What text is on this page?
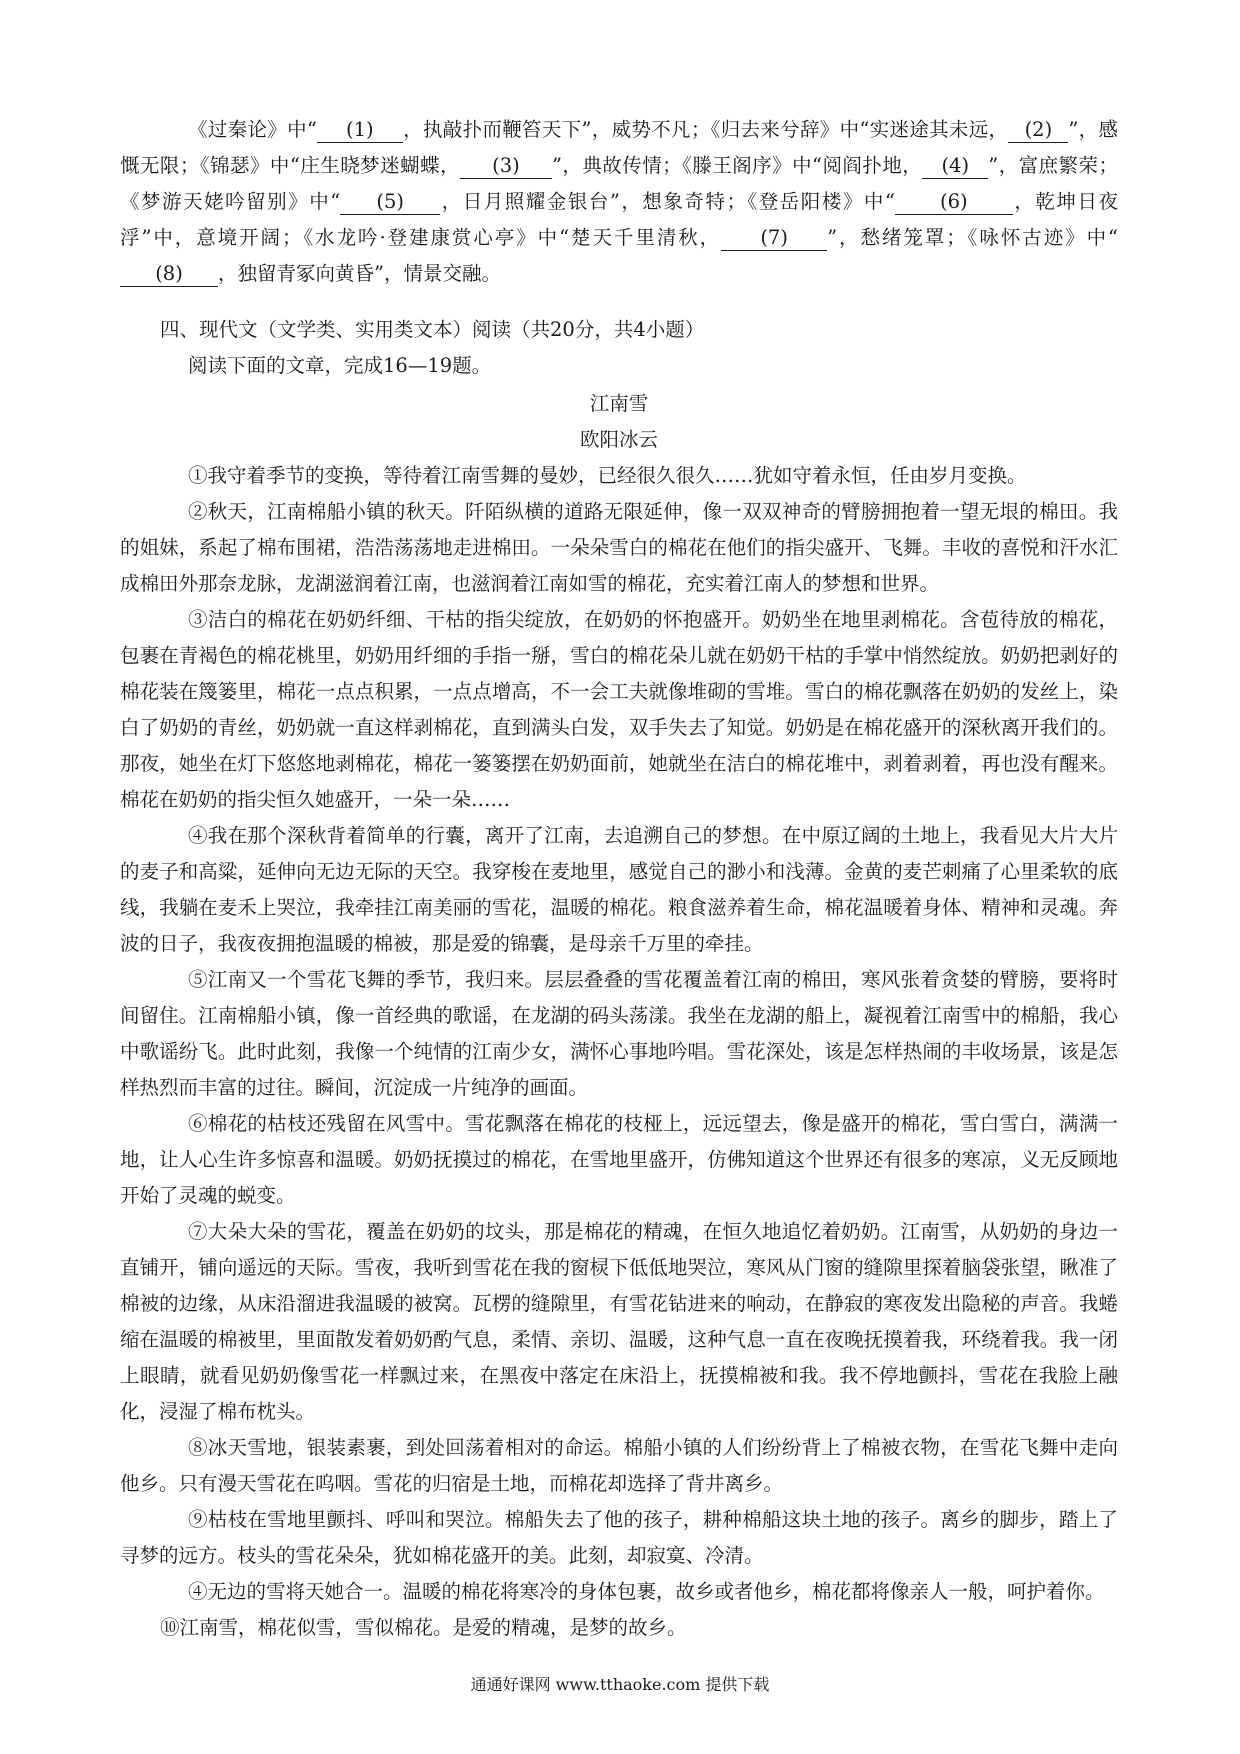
《过秦论》中“ (1) ，执敲扑而鞭笞天下”，威势不凡；《归去来兮辞》中“实迷途其未远， (2) ”，感慨无限；《锦瑟》中“庄生晓梦迷蝴蝶， (3) ”，典故传情；《滕王阁序》中“阅阎扑地， (4) ”，富庶繁荣；《梦游天姥吟留别》中“ (5) ，日月照耀金银台”，想象奇特；《登岳阳楼》中“ (6) ，乾坤日夜浮”中，意境开阔；《水龙吟·登建康赏心亭》中“楚天千里清秋， (7) ”，愁绪笼罩；《咏怀古迹》中“(8) ，独留青冢向黄昏”，情景交融。

四、现代文（文学类、实用类文本）阅读（共20分，共4小题）

阅读下面的文章，完成16—19题。

江南雪

欧阳冰云

①我守着季节的变换，等待着江南雪舞的曼妙，已经很久很久……犹如守着永恒，任由岁月变换。

②秋天，江南棉船小镇的秋天。阡陌纵横的道路无限延伸，像一双双神奇的臂膀拥抱着一望无垠的棉田。我的姐妹，系起了棉布围裙，浩浩荡荡地走进棉田。一朵朵雪白的棉花在他们的指尖盛开、飞舞。丰收的喜悦和汗水汇成棉田外那奈龙脉，龙湖滋润着江南，也滋润着江南如雪的棉花，充实着江南人的梦想和世界。

③洁白的棉花在奶奶纤细、干枯的指尖绽放，在奶奶的怀抱盛开。奶奶坐在地里剥棉花。含苞待放的棉花，包裹在青褐色的棉花桃里，奶奶用纤细的手指一掰，雪白的棉花朵儿就在奶奶干枯的手掌中悄然绽放。奶奶把剥好的棉花装在篾篓里，棉花一点点积累，一点点增高，不一会工夫就像堆砌的雪堆。雪白的棉花飘落在奶奶的发丝上，染白了奶奶的青丝，奶奶就一直这样剥棉花，直到满头白发，双手失去了知觉。奶奶是在棉花盛开的深秋离开我们的。那夜，她坐在灯下悠悠地剥棉花，棉花一篓篓摆在奶奶面前，她就坐在洁白的棉花堆中，剥着剥着，再也没有醒来。棉花在奶奶的指尖恒久她盛开，一朵一朵……

④我在那个深秋背着简单的行囊，离开了江南，去追溯自己的梦想。在中原辽阔的土地上，我看见大片大片的麦子和高粱，延伸向无边无际的天空。我穿梭在麦地里，感觉自己的渺小和浅薄。金黄的麦芒刺痛了心里柔软的底线，我躺在麦禾上哭泣，我牵挂江南美丽的雪花，温暖的棉花。粮食滋养着生命，棉花温暖着身体、精神和灵魂。奔波的日子，我夜夜拥抱温暖的棉被，那是爱的锦囊，是母亲千万里的牵挂。

⑤江南又一个雪花飞舞的季节，我归来。层层叠叠的雪花覆盖着江南的棉田，寒风张着贪婪的臂膀，要将时间留住。江南棉船小镇，像一首经典的歌谣，在龙湖的码头荡漾。我坐在龙湖的船上，凝视着江南雪中的棉船，我心中歌谣纷飞。此时此刻，我像一个纯情的江南少女，满怀心事地吟唱。雪花深处，该是怎样热闹的丰收场景，该是怎样热烈而丰富的过往。瞬间，沉淀成一片纯净的画面。

⑥棉花的枯枝还残留在风雪中。雪花飘落在棉花的枝桠上，远远望去，像是盛开的棉花，雪白雪白，满满一地，让人心生许多惊喜和温暖。奶奶抚摸过的棉花，在雪地里盛开，仿佛知道这个世界还有很多的寒凉，义无反顾地开始了灵魂的蜕变。

⑦大朵大朵的雪花，覆盖在奶奶的坟头，那是棉花的精魂，在恒久地追忆着奶奶。江南雪，从奶奶的身边一直铺开，铺向遥远的天际。雪夜，我听到雪花在我的窗棂下低低地哭泣，寒风从门窗的缝隙里探着脑袋张望，瞅准了棉被的边缘，从床沿溜进我温暖的被窝。瓦楞的缝隙里，有雪花钻进来的响动，在静寂的寒夜发出隐秘的声音。我蜷缩在温暖的棉被里，里面散发着奶奶酌气息，柔情、亲切、温暖，这种气息一直在夜晚抚摸着我，环绕着我。我一闭上眼睛，就看见奶奶像雪花一样飘过来，在黑夜中落定在床沿上，抚摸棉被和我。我不停地颤抖，雪花在我脸上融化，浸湿了棉布枕头。

⑧冰天雪地，银装素裹，到处回荡着相对的命运。棉船小镇的人们纷纷背上了棉被衣物，在雪花飞舞中走向他乡。只有漫天雪花在呜咽。雪花的归宿是土地，而棉花却选择了背井离乡。

⑨枯枝在雪地里颤抖、呼叫和哭泣。棉船失去了他的孩子，耕种棉船这块土地的孩子。离乡的脚步，踏上了寻梦的远方。枝头的雪花朵朵，犹如棉花盛开的美。此刻，却寂寞、冷清。

④无边的雪将天她合一。温暖的棉花将寒冷的身体包裹，故乡或者他乡，棉花都将像亲人一般，呵护着你。

⑩江南雪，棉花似雪，雪似棉花。是爱的精魂，是梦的故乡。

通通好课网 www.tthaoke.com 提供下载
